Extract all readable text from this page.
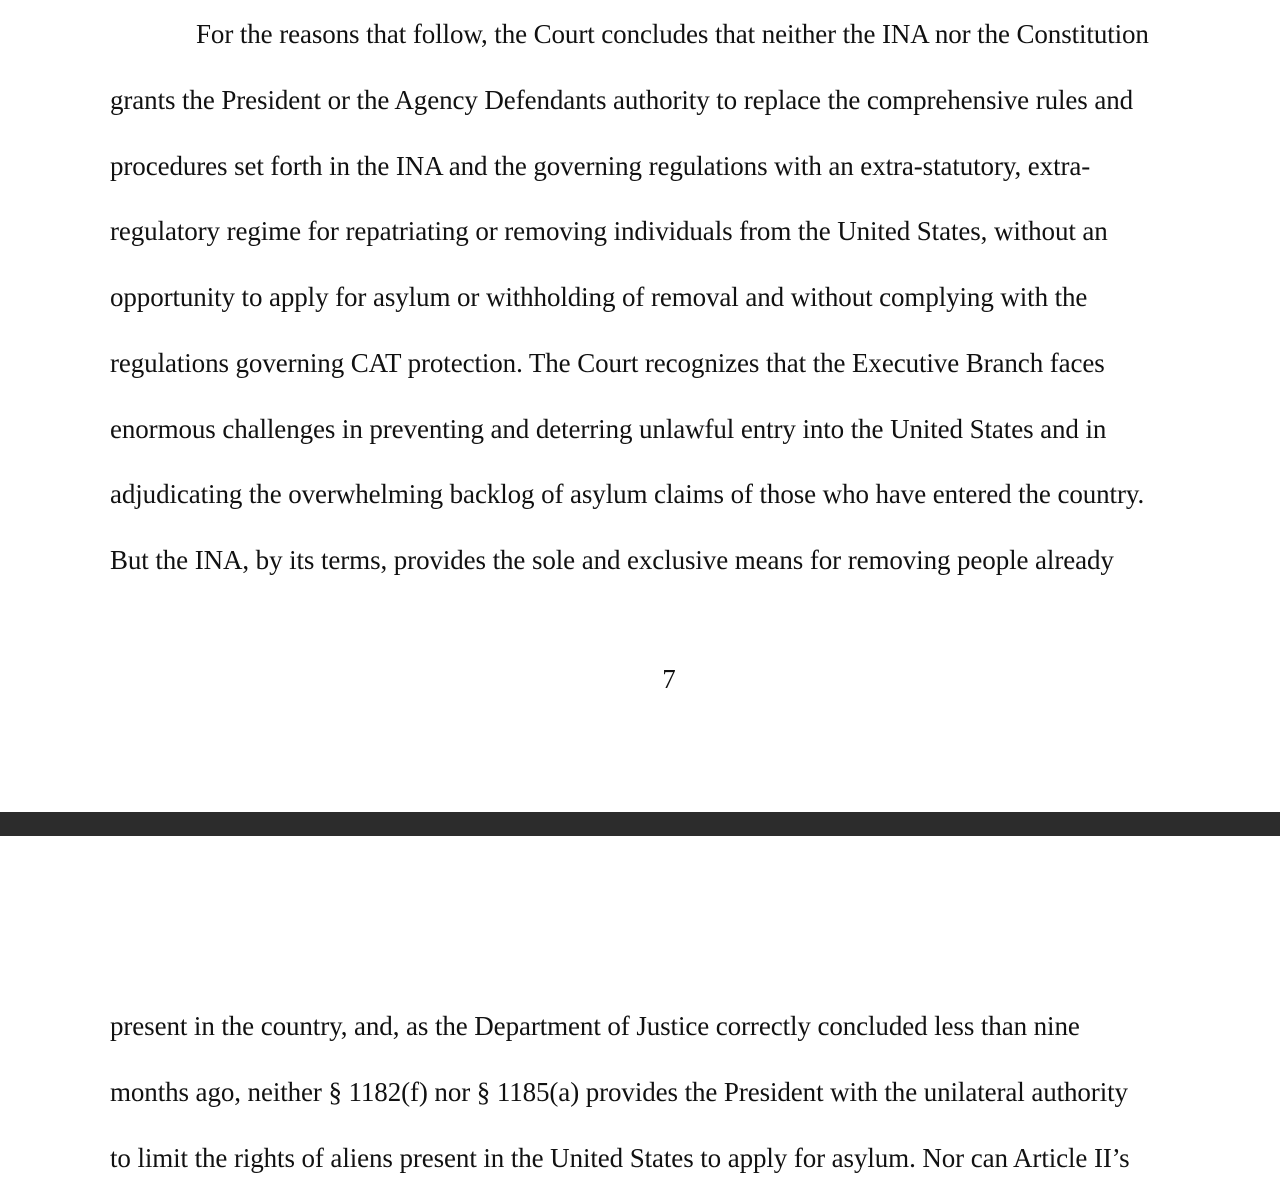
For the reasons that follow, the Court concludes that neither the INA nor the Constitution
grants the President or the Agency Defendants authority to replace the comprehensive rules and
procedures set forth in the INA and the governing regulations with an extra-statutory, extra-
regulatory regime for repatriating or removing individuals from the United States, without an
opportunity to apply for asylum or withholding of removal and without complying with the
regulations governing CAT protection. The Court recognizes that the Executive Branch faces
enormous challenges in preventing and deterring unlawful entry into the United States and in
adjudicating the overwhelming backlog of asylum claims of those who have entered the country.
But the INA, by its terms, provides the sole and exclusive means for removing people already
7
present in the country, and, as the Department of Justice correctly concluded less than nine
months ago, neither § 1182(f) nor § 1185(a) provides the President with the unilateral authority
to limit the rights of aliens present in the United States to apply for asylum. Nor can Article II’s
